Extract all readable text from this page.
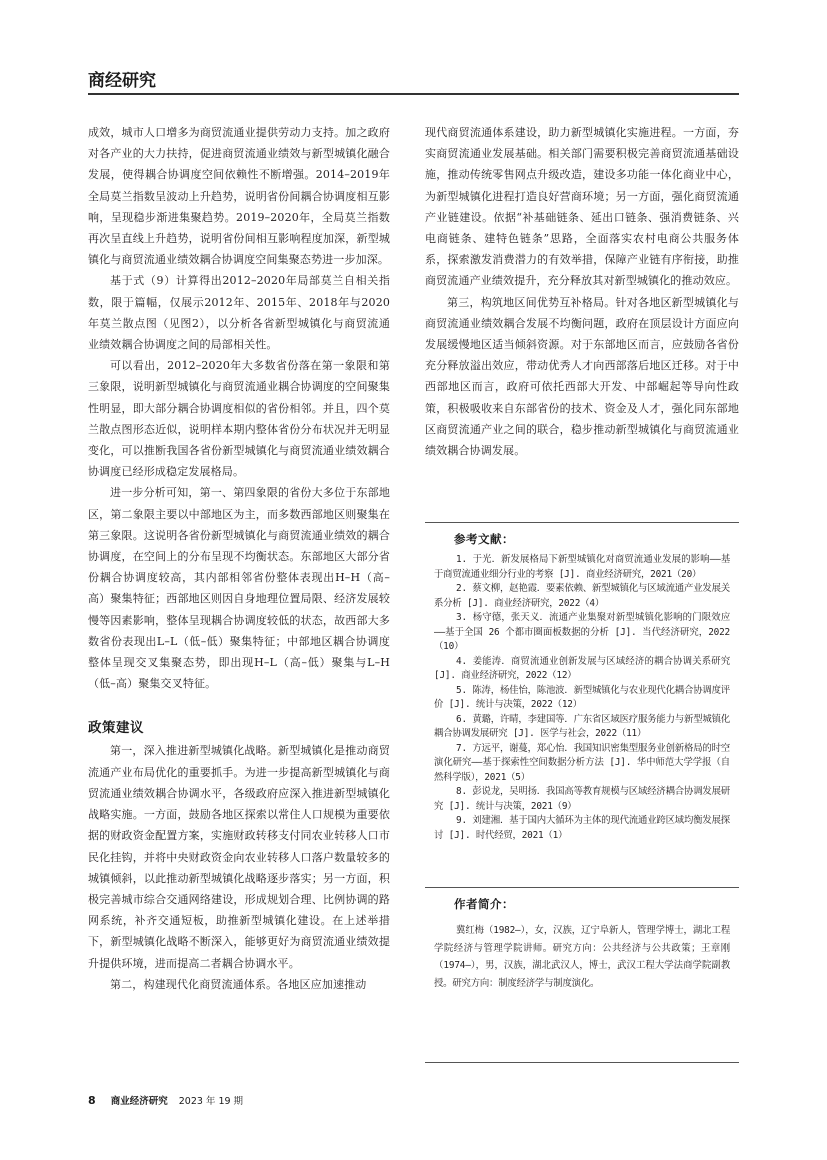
商经研究

成效，城市人口增多为商贸流通业提供劳动力支持。加之政府对各产业的大力扶持，促进商贸流通业绩效与新型城镇化融合发展，使得耦合协调度空间依赖性不断增强。2014–2019年全局莫兰指数呈波动上升趋势，说明省份间耦合协调度相互影响，呈现稳步渐进集聚趋势。2019–2020年，全局莫兰指数再次呈直线上升趋势，说明省份间相互影响程度加深，新型城镇化与商贸流通业绩效耦合协调度空间集聚态势进一步加深。

基于式（9）计算得出2012–2020年局部莫兰自相关指数，限于篇幅，仅展示2012年、2015年、2018年与2020年莫兰散点图（见图2），以分析各省新型城镇化与商贸流通业绩效耦合协调度之间的局部相关性。

可以看出，2012–2020年大多数省份落在第一象限和第三象限，说明新型城镇化与商贸流通业耦合协调度的空间聚集性明显，即大部分耦合协调度相似的省份相邻。并且，四个莫兰散点图形态近似，说明样本期内整体省份分布状况并无明显变化，可以推断我国各省份新型城镇化与商贸流通业绩效耦合协调度已经形成稳定发展格局。

进一步分析可知，第一、第四象限的省份大多位于东部地区，第二象限主要以中部地区为主，而多数西部地区则聚集在第三象限。这说明各省份新型城镇化与商贸流通业绩效的耦合协调度，在空间上的分布呈现不均衡状态。东部地区大部分省份耦合协调度较高，其内部相邻省份整体表现出H–H（高–高）聚集特征；西部地区则因自身地理位置局限、经济发展较慢等因素影响，整体呈现耦合协调度较低的状态，故西部大多数省份表现出L–L（低–低）聚集特征；中部地区耦合协调度整体呈现交叉集聚态势，即出现H–L（高–低）聚集与L–H（低–高）聚集交叉特征。

政策建议

第一，深入推进新型城镇化战略。新型城镇化是推动商贸流通产业布局优化的重要抓手。为进一步提高新型城镇化与商贸流通业绩效耦合协调水平，各级政府应深入推进新型城镇化战略实施。一方面，鼓励各地区探索以常住人口规模为重要依据的财政资金配置方案，实施财政转移支付同农业转移人口市民化挂钩，并将中央财政资金向农业转移人口落户数量较多的城镇倾斜，以此推动新型城镇化战略逐步落实；另一方面，积极完善城市综合交通网络建设，形成规划合理、比例协调的路网系统，补齐交通短板，助推新型城镇化建设。在上述举措下，新型城镇化战略不断深入，能够更好为商贸流通业绩效提升提供环境，进而提高二者耦合协调水平。

第二，构建现代化商贸流通体系。各地区应加速推动

现代商贸流通体系建设，助力新型城镇化实施进程。一方面，夯实商贸流通业发展基础。相关部门需要积极完善商贸流通基础设施，推动传统零售网点升级改造，建设多功能一体化商业中心，为新型城镇化进程打造良好营商环境；另一方面，强化商贸流通产业链建设。依据“补基础链条、延出口链条、强消费链条、兴电商链条、建特色链条”思路，全面落实农村电商公共服务体系，探索激发消费潜力的有效举措，保障产业链有序衔接，助推商贸流通产业绩效提升，充分释放其对新型城镇化的推动效应。

第三，构筑地区间优势互补格局。针对各地区新型城镇化与商贸流通业绩效耦合发展不均衡问题，政府在顶层设计方面应向发展缓慢地区适当倾斜资源。对于东部地区而言，应鼓励各省份充分释放溢出效应，带动优秀人才向西部落后地区迁移。对于中西部地区而言，政府可依托西部大开发、中部崛起等导向性政策，积极吸收来自东部省份的技术、资金及人才，强化同东部地区商贸流通产业之间的联合，稳步推动新型城镇化与商贸流通业绩效耦合协调发展。

参考文献：

1. 于光．新发展格局下新型城镇化对商贸流通业发展的影响——基于商贸流通业细分行业的考察 [J]. 商业经济研究，2021（20）

2. 蔡文柳，赵艳霞．要素依赖、新型城镇化与区域流通产业发展关系分析 [J]. 商业经济研究，2022（4）

3. 杨守德，张天义．流通产业集聚对新型城镇化影响的门限效应——基于全国 26 个都市圈面板数据的分析 [J]. 当代经济研究，2022（10）

4. 姜能涛．商贸流通业创新发展与区域经济的耦合协调关系研究 [J]. 商业经济研究，2022（12）

5. 陈涛，杨佳怡，陈池波．新型城镇化与农业现代化耦合协调度评价 [J]. 统计与决策，2022（12）

6. 黄璐，许晴，李建国等．广东省区域医疗服务能力与新型城镇化耦合协调发展研究 [J]. 医学与社会，2022（11）

7. 方远平，谢蔓，郑心怡．我国知识密集型服务业创新格局的时空演化研究——基于探索性空间数据分析方法 [J]. 华中师范大学学报（自然科学版），2021（5）

8. 彭说龙，吴明扬．我国高等教育规模与区域经济耦合协调发展研究 [J]. 统计与决策，2021（9）

9. 刘建湘．基于国内大循环为主体的现代流通业跨区域均衡发展探讨 [J]. 时代经贸，2021（1）

作者简介：

冀红梅（1982–），女，汉族，辽宁阜新人，管理学博士，湖北工程学院经济与管理学院讲师。研究方向：公共经济与公共政策；王章刚（1974–），男，汉族，湖北武汉人，博士，武汉工程大学法商学院副教授。研究方向：制度经济学与制度演化。

8 商业经济研究 2023 年 19 期
